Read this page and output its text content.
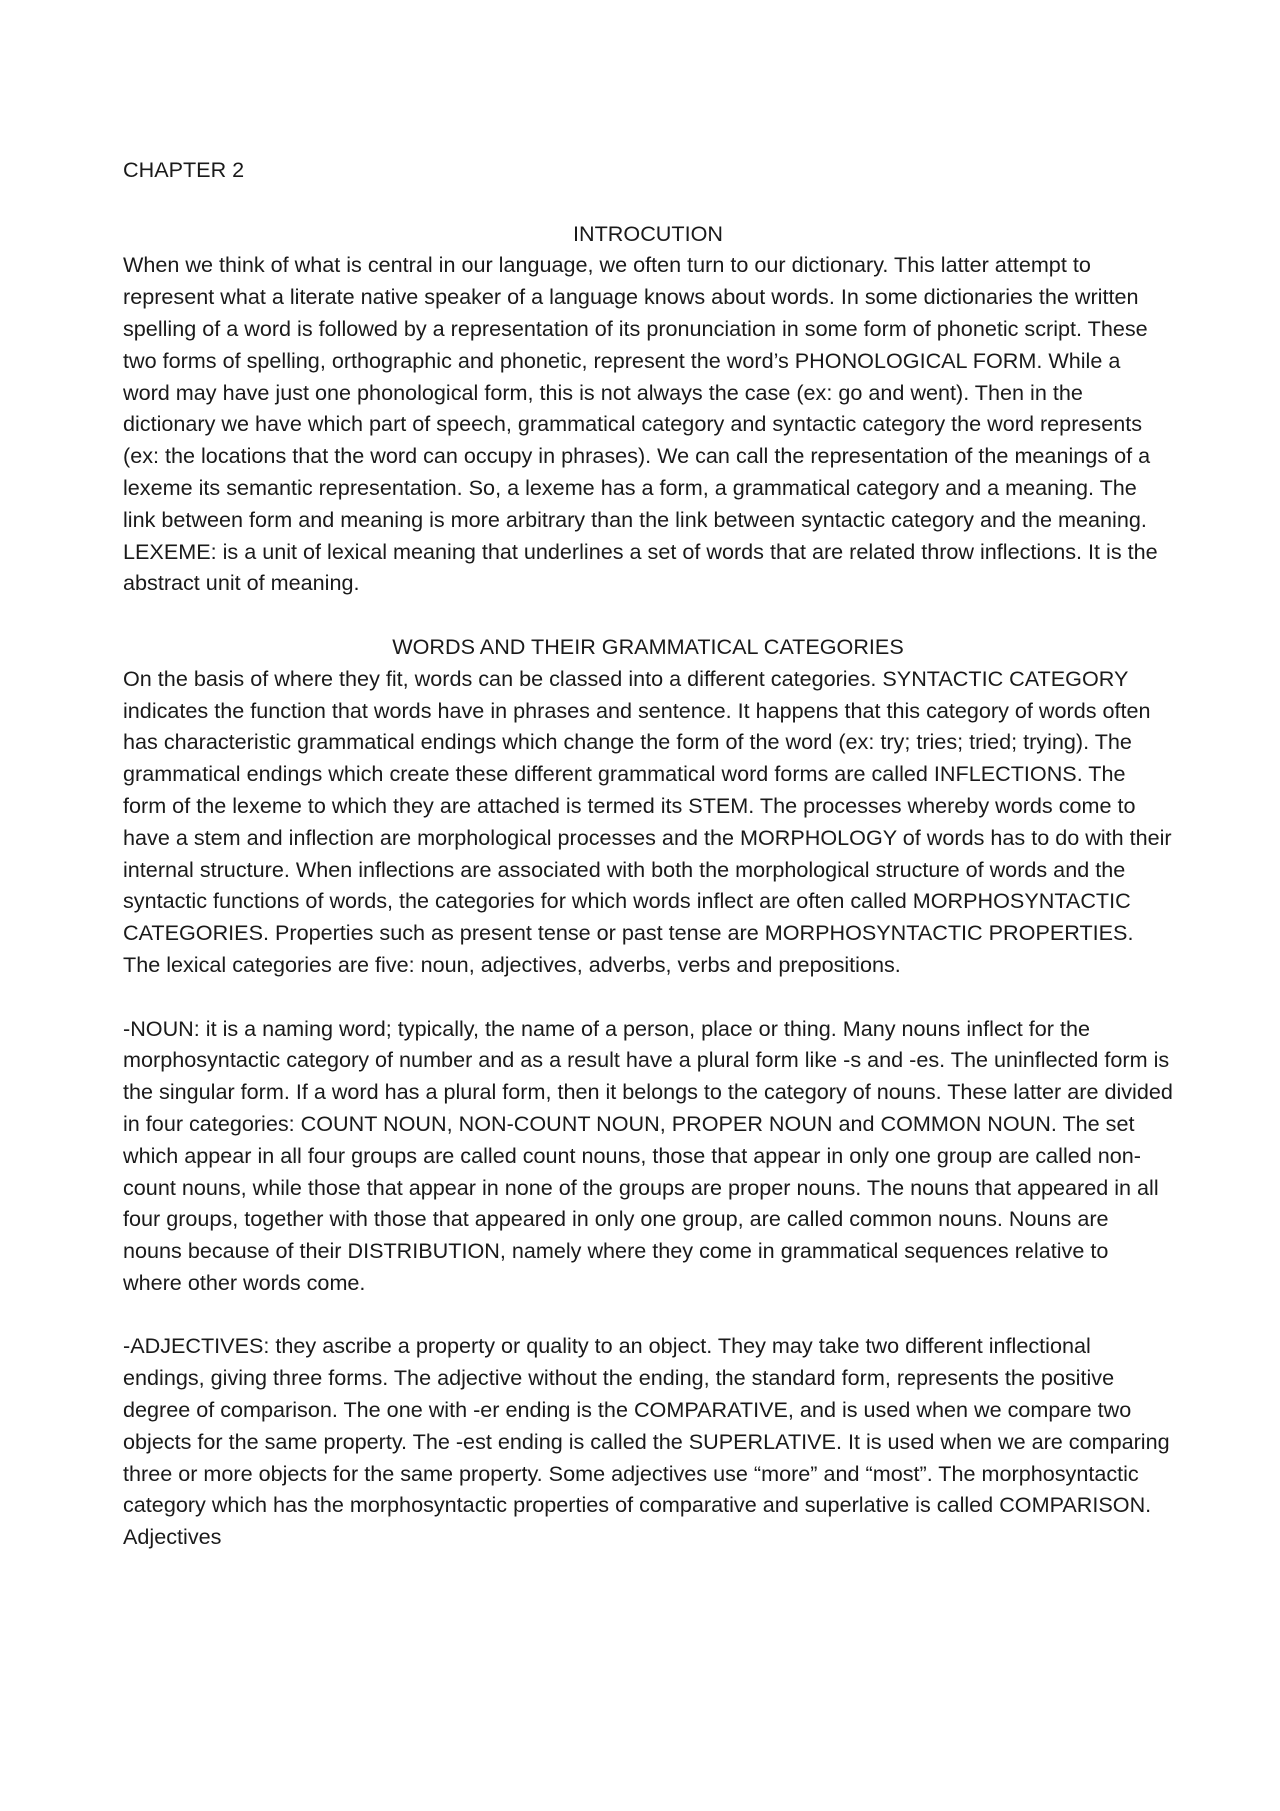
CHAPTER 2
INTROCUTION

When we think of what is central in our language, we often turn to our dictionary. This latter attempt to represent what a literate native speaker of a language knows about words. In some dictionaries the written spelling of a word is followed by a representation of its pronunciation in some form of phonetic script. These two forms of spelling, orthographic and phonetic, represent the word’s PHONOLOGICAL FORM. While a word may have just one phonological form, this is not always the case (ex: go and went). Then in the dictionary we have which part of speech, grammatical category and syntactic category the word represents (ex: the locations that the word can occupy in phrases). We can call the representation of the meanings of a lexeme its semantic representation. So, a lexeme has a form, a grammatical category and a meaning. The link between form and meaning is more arbitrary than the link between syntactic category and the meaning. LEXEME: is a unit of lexical meaning that underlines a set of words that are related throw inflections. It is the abstract unit of meaning.

WORDS AND THEIR GRAMMATICAL CATEGORIES

On the basis of where they fit, words can be classed into a different categories. SYNTACTIC CATEGORY indicates the function that words have in phrases and sentence. It happens that this category of words often has characteristic grammatical endings which change the form of the word (ex: try; tries; tried; trying). The grammatical endings which create these different grammatical word forms are called INFLECTIONS. The form of the lexeme to which they are attached is termed its STEM. The processes whereby words come to have a stem and inflection are morphological processes and the MORPHOLOGY of words has to do with their internal structure. When inflections are associated with both the morphological structure of words and the syntactic functions of words, the categories for which words inflect are often called MORPHOSYNTACTIC CATEGORIES. Properties such as present tense or past tense are MORPHOSYNTACTIC PROPERTIES. The lexical categories are five: noun, adjectives, adverbs, verbs and prepositions.

-NOUN: it is a naming word; typically, the name of a person, place or thing. Many nouns inflect for the morphosyntactic category of number and as a result have a plural form like -s and -es. The uninflected form is the singular form. If a word has a plural form, then it belongs to the category of nouns. These latter are divided in four categories: COUNT NOUN, NON-COUNT NOUN, PROPER NOUN and COMMON NOUN. The set which appear in all four groups are called count nouns, those that appear in only one group are called non-count nouns, while those that appear in none of the groups are proper nouns. The nouns that appeared in all four groups, together with those that appeared in only one group, are called common nouns. Nouns are nouns because of their DISTRIBUTION, namely where they come in grammatical sequences relative to where other words come.

-ADJECTIVES: they ascribe a property or quality to an object. They may take two different inflectional endings, giving three forms. The adjective without the ending, the standard form, represents the positive degree of comparison. The one with -er ending is the COMPARATIVE, and is used when we compare two objects for the same property. The -est ending is called the SUPERLATIVE. It is used when we are comparing three or more objects for the same property. Some adjectives use “more” and “most”. The morphosyntactic category which has the morphosyntactic properties of comparative and superlative is called COMPARISON. Adjectives
